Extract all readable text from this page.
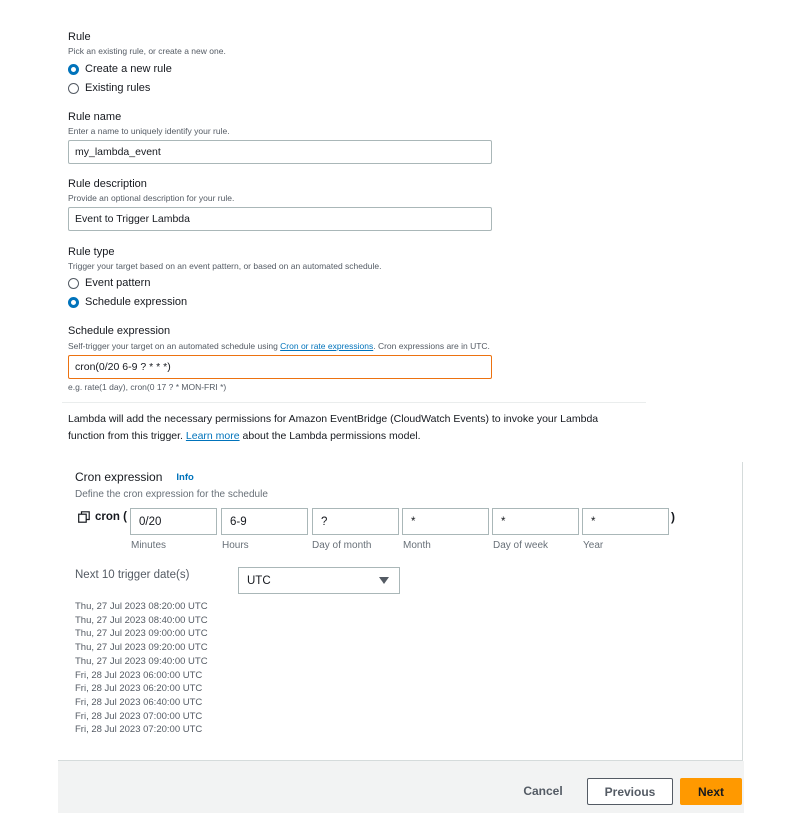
Rule
Pick an existing rule, or create a new one.
Create a new rule
Existing rules
Rule name
Enter a name to uniquely identify your rule.
my_lambda_event
Rule description
Provide an optional description for your rule.
Event to Trigger Lambda
Rule type
Trigger your target based on an event pattern, or based on an automated schedule.
Event pattern
Schedule expression
Schedule expression
Self-trigger your target on an automated schedule using Cron or rate expressions. Cron expressions are in UTC.
cron(0/20 6-9 ? * * *)
e.g. rate(1 day), cron(0 17 ? * MON-FRI *)
Lambda will add the necessary permissions for Amazon EventBridge (CloudWatch Events) to invoke your Lambda
function from this trigger. Learn more about the Lambda permissions model.
Cron expression Info
Define the cron expression for the schedule
cron ( 0/20	6-9	?	*	*	*	)
Minutes	Hours	Day of month	Month	Day of week	Year
Next 10 trigger date(s)	UTC
Thu, 27 Jul 2023 08:20:00 UTC
Thu, 27 Jul 2023 08:40:00 UTC
Thu, 27 Jul 2023 09:00:00 UTC
Thu, 27 Jul 2023 09:20:00 UTC
Thu, 27 Jul 2023 09:40:00 UTC
Fri, 28 Jul 2023 06:00:00 UTC
Fri, 28 Jul 2023 06:20:00 UTC
Fri, 28 Jul 2023 06:40:00 UTC
Fri, 28 Jul 2023 07:00:00 UTC
Fri, 28 Jul 2023 07:20:00 UTC
Cancel	Previous	Next
